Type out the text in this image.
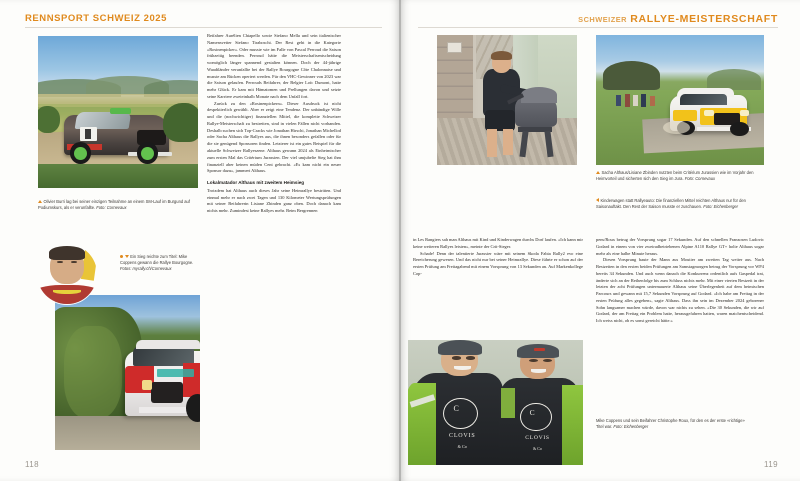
RENNSPORT SCHWEIZ 2025
Olivier Burri lag bei seiner einzigen Teilnahme an einem SM-Lauf im Burgund auf Podiumskurs, als er verunfallte. Foto: Cornevaux
Ein Sieg reichte zum Titel: Mike Coppens gewann die Rallye Bourgogne. Fotos: myrally.ch/Cornevaux

Beifahrer Aurélien Chiapello sowie Stefano Mella und sein italienischer Namensvetter Stefano Tiraboschi. Der Rest geht in die Kategorie «Rosinenpicker». Oder musste wie im Falle von Pascal Perroud die Saison frühzeitig beenden. Perroud hätte die Meisterschaftsentscheidung womöglich länger spannend gestalten können. Doch der 44-jährige Waadtländer verunfallte bei der Rallye Bourgogne Côte Chalonnaise und musste am Rücken operiert werden. Für den VHC-Gewinner von 2023 war die Saison gelaufen. Perrouds Beifahrer, der Belgier Loïc Dumont, hatte mehr Glück. Er kam mit Hämatomen und Prellungen davon und setzte seine Karriere zweieinhalb Monate nach dem Unfall fort.

Zurück zu den «Rosinenpickern». Dieser Ausdruck ist nicht despektierlich gewählt. Aber er zeigt eine Tendenz. Der unbändige Wille und die (nochwichtiger) finanziellen Mittel, die komplette Schweizer Rallye-Meisterschaft zu bestreiten, sind in vielen Fällen nicht vorhanden. Deshalb suchen sich Top-Cracks wie Jonathan Hirschi, Jonathan Michellod oder Sacha Althaus die Rallyes aus, die ihnen besonders gefallen oder für die sie genügend Sponsoren finden. Letzterer ist ein gutes Beispiel für die aktuelle Schweizer Rallyeszene. Althaus gewann 2024 als Einheimischer zum ersten Mal das Critérium Jurassien. Der viel umjubelte Sieg hat ihm finanziell aber keinen müden Cent gebracht. «Es kam nicht ein neuer Sponsor dazu», jammert Althaus.

Lokalmatador Althaus mit zweitem Heimsieg

Trotzdem hat Althaus auch dieses Jahr seine Heimrallye bestritten. Und einmal mehr er nach zwei Tagen und 130 Kilometer Wertungsprüfungen mit seiner Beifahrerin Lisiane Zbinden ganz oben. Doch danach kam nichts mehr. Zumindest keine Rallyes mehr. Beim Bergrennen

118
SCHWEIZER RALLYE-MEISTERSCHAFT
Sacha Althaus/Lisiane Zbinden nutzten beim Critérium Jurassien wie im Vorjahr den Heimvorteil und sicherten sich den Sieg im Jura. Foto: Cornevaux
Kinderwagen statt Rallyeauto: Die finanziellen Mittel reichten Althaus nur für den Saisonauftakt. Den Rest der Saison musste er zuschauen. Foto: Eichenberger

in Les Rangiers sah man Althaus mit Kind und Kinderwagen durchs Dorf laufen. «Ich kann mir keine weiteren Rallyes leisten», meinte der Crit-Sieger.

Schade! Denn der talentierte Jurassier wäre mit seinem Skoda Fabia Rally2 evo eine Bereicherung gewesen. Und das nicht nur bei seiner Heimrallye. Diese führte er schon auf der ersten Prüfung am Freitagabend mit einem Vorsprung von 13 Sekunden an. Auf Markenkollege Cop-

pens/Roux betrug der Vorsprung sogar 17 Sekunden. Auf den schnellen Franzosen Ludovic Godard in einem von vier zweiradbetriebenen Alpine A110 Rallye GT+ holte Althaus sogar mehr als eine halbe Minute heraus.

Diesen Vorsprung baute der Mann aus Moutier am zweiten Tag weiter aus. Nach Bestzeiten in den ersten beiden Prüfungen am Samstagmorgen betrug der Vorsprung vor WP4 bereits 34 Sekunden. Und auch wenn danach die Konkurrenz ordentlich aufs Gaspedal trat, änderte sich an der Reihenfolge bis zum Schluss nichts mehr. Mit einer vierten Bestzeit in der letzten der acht Prüfungen untermauerte Althaus seine Überlegenheit auf dem heimischen Parcours und gewann mit 15,7 Sekunden Vorsprung auf Godard. «Ich habe am Freitag in der ersten Prüfung alles gegeben», sagte Althaus. Dass ihn sein im Dezember 2024 geborener Sohn langsamer machen würde, davon war nichts zu sehen. «Die 30 Sekunden, die wir auf Godard, der am Freitag ein Problem hatte, herausgefahren hatten, waren matchentscheidend. Ich weiss nicht, ob es sonst gereicht hätte.»

C
CLOVIS
& Co
C
CLOVIS
& Co
Mike Coppens und sein Beifahrer Christophe Roux, für den es der erste «richtige» Titel war. Foto: Eichenberger
119
